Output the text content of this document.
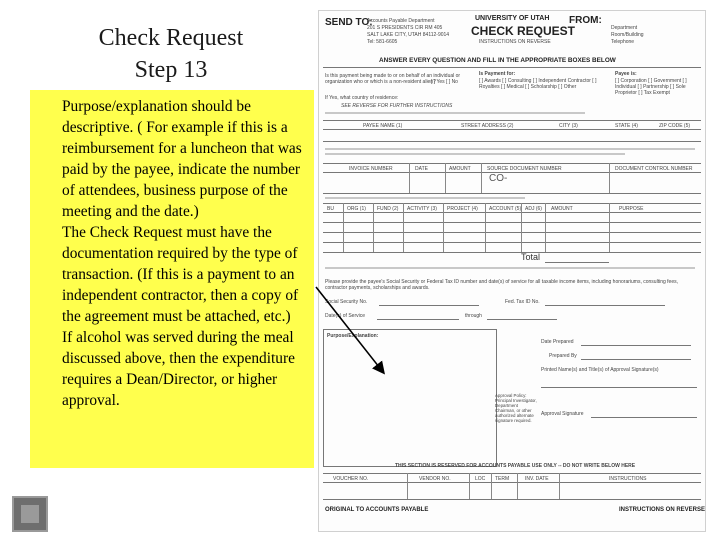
Check Request
Step 13

Purpose/explanation should be descriptive. ( For example if this is a reimbursement for a luncheon that was paid by the payee, indicate the number of attendees, business purpose of the meeting and the date.)

The Check Request must have the documentation required by the type of transaction. (If this is a payment to an independent contractor, then a copy of the agreement must be attached, etc.)

If alcohol was served during the meal discussed above, then the expenditure requires a Dean/Director, or higher approval.

SEND TO:
Accounts Payable Department
201 S PRESIDENTS CIR RM 405
SALT LAKE CITY, UTAH 84112-9014
Tel: 581-6605
UNIVERSITY OF UTAH
CHECK REQUEST
INSTRUCTIONS ON REVERSE
FROM:
Department
Room/Building
Telephone
ANSWER EVERY QUESTION AND FILL IN THE APPROPRIATE BOXES BELOW
Is this payment being made to or on behalf of an individual or organization who or which is a non-resident alien?
[ ] Yes [ ] No
Is Payment for:
[ ] Awards [ ] Consulting [ ] Independent Contractor [ ] Royalties [ ] Medical [ ] Scholarship [ ] Other
Payee is:
[ ] Corporation [ ] Government [ ] Individual [ ] Partnership [ ] Sole Proprietor [ ] Tax Exempt
If Yes, what country of residence:
SEE REVERSE FOR FURTHER INSTRUCTIONS
PAYEE NAME (1)	STREET ADDRESS (2)	CITY (3)	STATE (4)	ZIP CODE (5)
INVOICE NUMBER	DATE	AMOUNT	SOURCE DOCUMENT NUMBER	DOCUMENT CONTROL NUMBER
CO-
BU	ORG (1) FUND (2) ACTIVITY (3) PROJECT (4) ACCOUNT (5) ADJ (6) AMOUNT	PURPOSE
Total
Please provide the payee's Social Security or Federal Tax ID number and date(s) of service for all taxable income items, including honorariums, consulting fees, contractor payments, scholarships and awards.
Social Security No.	Fed. Tax ID No.
Date(s) of Service	through
Purpose/Explanation:
Date Prepared
Prepared By
Printed Name(s) and Title(s) of Approval Signature(s)
Approval Signature
Approval Policy: Principal Investigator, Department Chairman, or other authorized alternate signature required.
THIS SECTION IS RESERVED FOR ACCOUNTS PAYABLE USE ONLY -- DO NOT WRITE BELOW HERE
VOUCHER NO.	VENDOR NO.	LOC TERM	INV. DATE	INSTRUCTIONS
ORIGINAL TO ACCOUNTS PAYABLE	INSTRUCTIONS ON REVERSE
